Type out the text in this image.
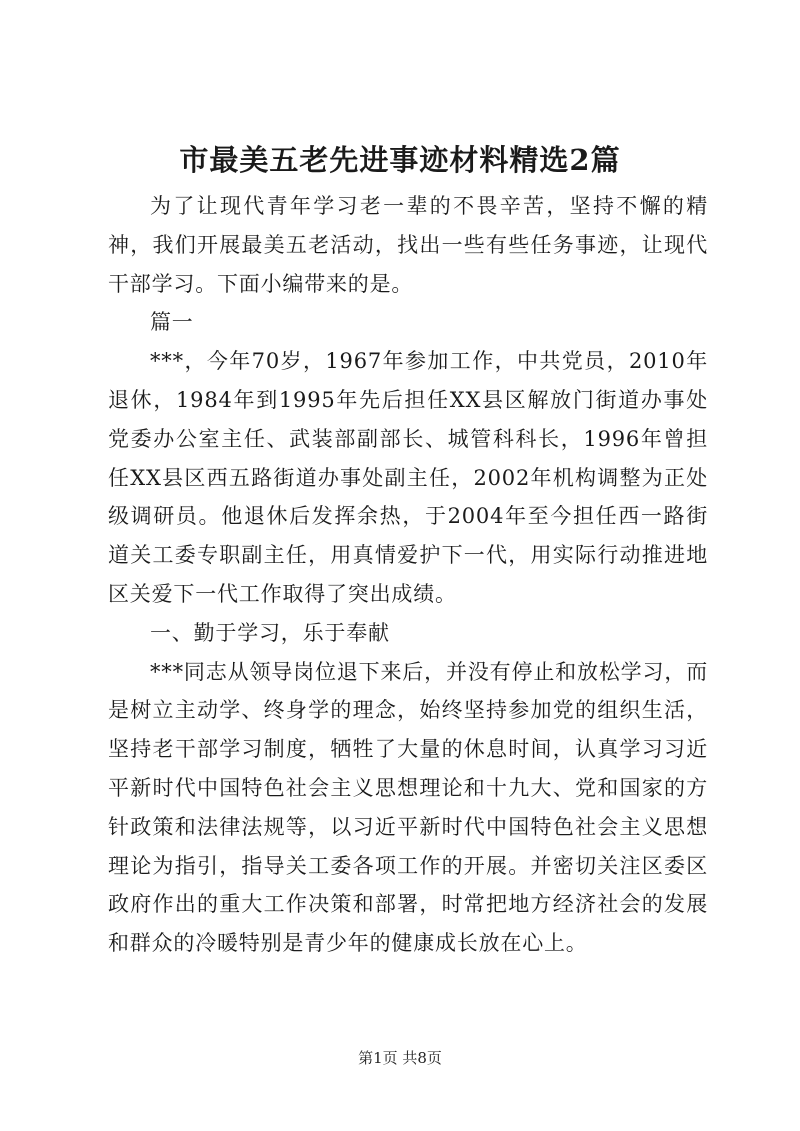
市最美五老先进事迹材料精选2篇

为了让现代青年学习老一辈的不畏辛苦，坚持不懈的精神，我们开展最美五老活动，找出一些有些任务事迹，让现代干部学习。下面小编带来的是。

篇一

***，今年70岁，1967年参加工作，中共党员，2010年退休，1984年到1995年先后担任XX县区解放门街道办事处党委办公室主任、武装部副部长、城管科科长，1996年曾担任XX县区西五路街道办事处副主任，2002年机构调整为正处级调研员。他退休后发挥余热，于2004年至今担任西一路街道关工委专职副主任，用真情爱护下一代，用实际行动推进地区关爱下一代工作取得了突出成绩。

一、勤于学习，乐于奉献

***同志从领导岗位退下来后，并没有停止和放松学习，而是树立主动学、终身学的理念，始终坚持参加党的组织生活，坚持老干部学习制度，牺牲了大量的休息时间，认真学习习近平新时代中国特色社会主义思想理论和十九大、党和国家的方针政策和法律法规等，以习近平新时代中国特色社会主义思想理论为指引，指导关工委各项工作的开展。并密切关注区委区政府作出的重大工作决策和部署，时常把地方经济社会的发展和群众的冷暖特别是青少年的健康成长放在心上。

第1页 共8页
